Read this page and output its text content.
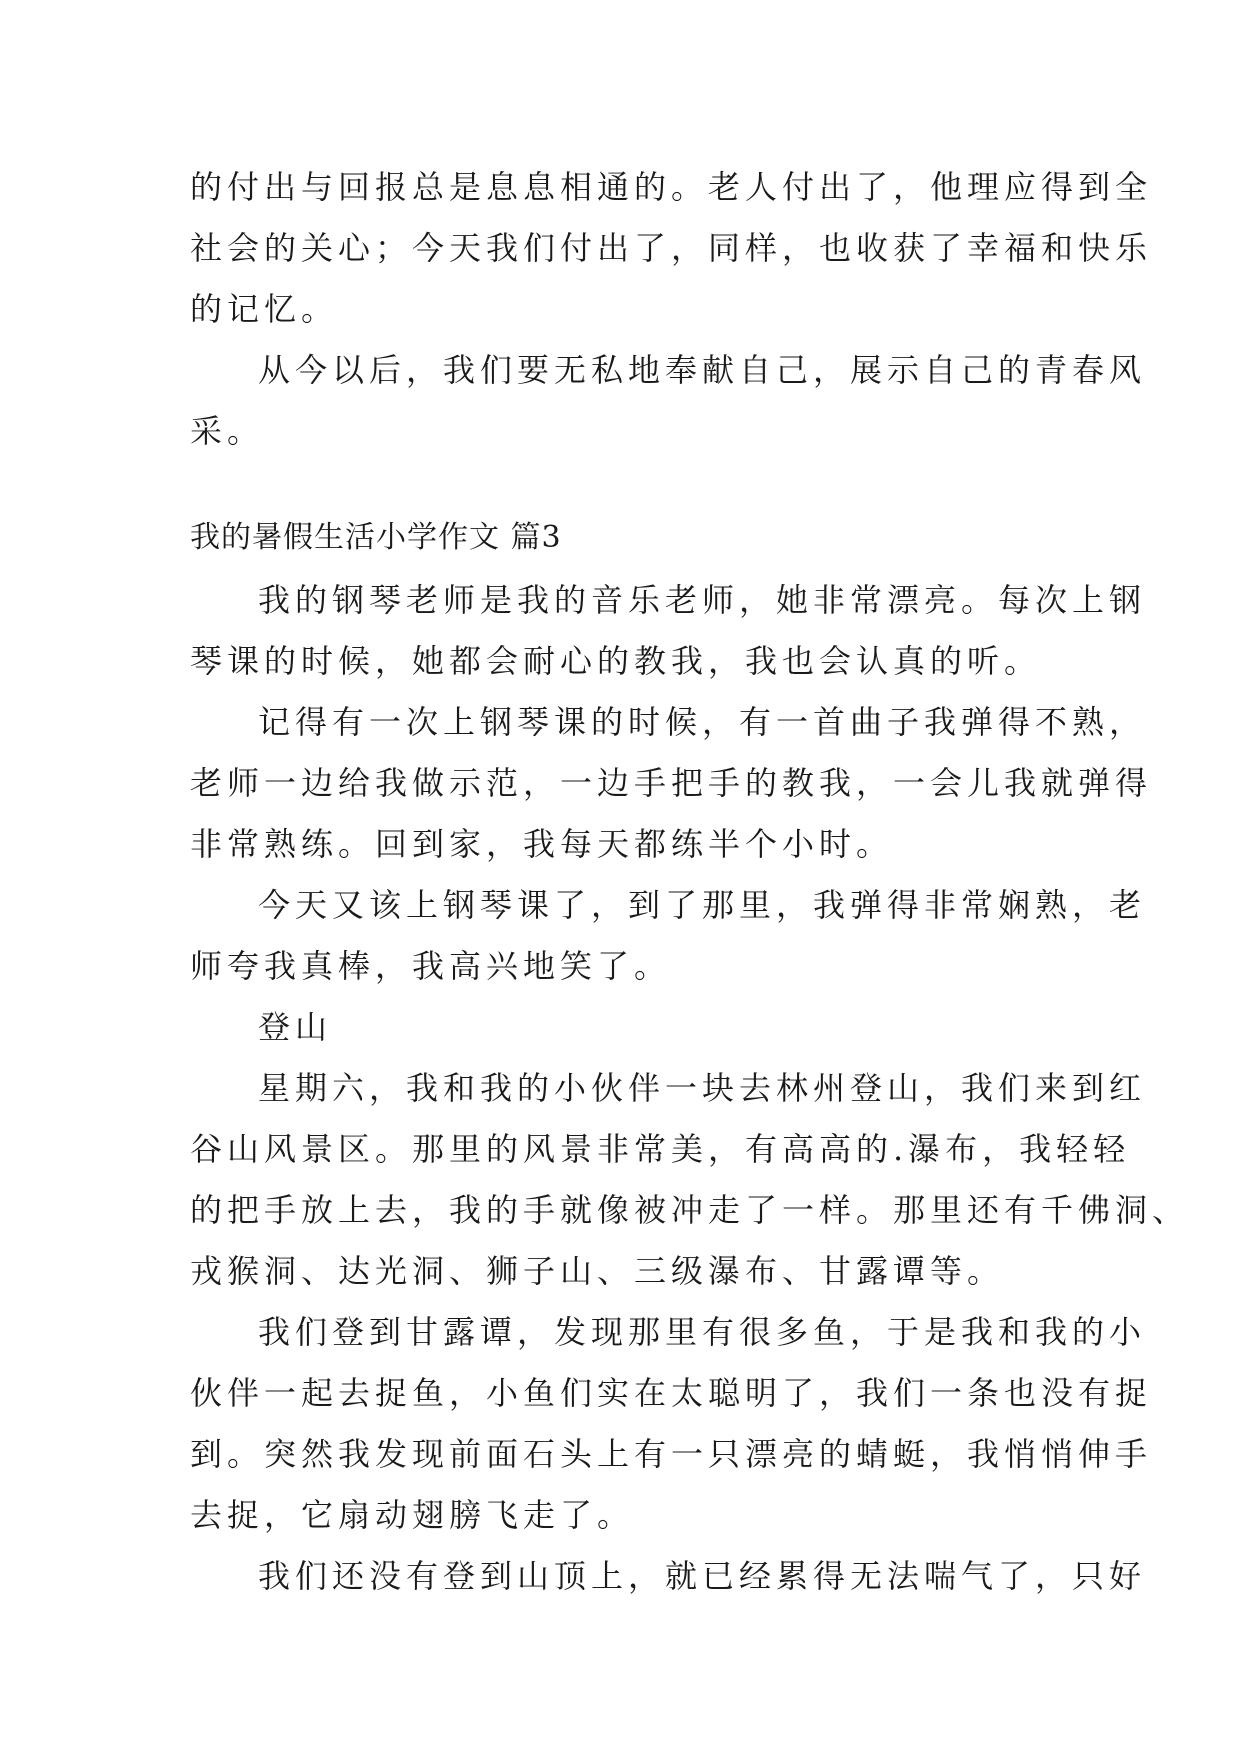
的付出与回报总是息息相通的。老人付出了，他理应得到全
社会的关心；今天我们付出了，同样，也收获了幸福和快乐
的记忆。
从今以后，我们要无私地奉献自己，展示自己的青春风
采。
我的暑假生活小学作文 篇3
我的钢琴老师是我的音乐老师，她非常漂亮。每次上钢
琴课的时候，她都会耐心的教我，我也会认真的听。
记得有一次上钢琴课的时候，有一首曲子我弹得不熟，
老师一边给我做示范，一边手把手的教我，一会儿我就弹得
非常熟练。回到家，我每天都练半个小时。
今天又该上钢琴课了，到了那里，我弹得非常娴熟，老
师夸我真棒，我高兴地笑了。
登山
星期六，我和我的小伙伴一块去林州登山，我们来到红
谷山风景区。那里的风景非常美，有高高的.瀑布，我轻轻
的把手放上去，我的手就像被冲走了一样。那里还有千佛洞、
戎猴洞、达光洞、狮子山、三级瀑布、甘露谭等。
我们登到甘露谭，发现那里有很多鱼，于是我和我的小
伙伴一起去捉鱼，小鱼们实在太聪明了，我们一条也没有捉
到。突然我发现前面石头上有一只漂亮的蜻蜓，我悄悄伸手
去捉，它扇动翅膀飞走了。
我们还没有登到山顶上，就已经累得无法喘气了，只好
